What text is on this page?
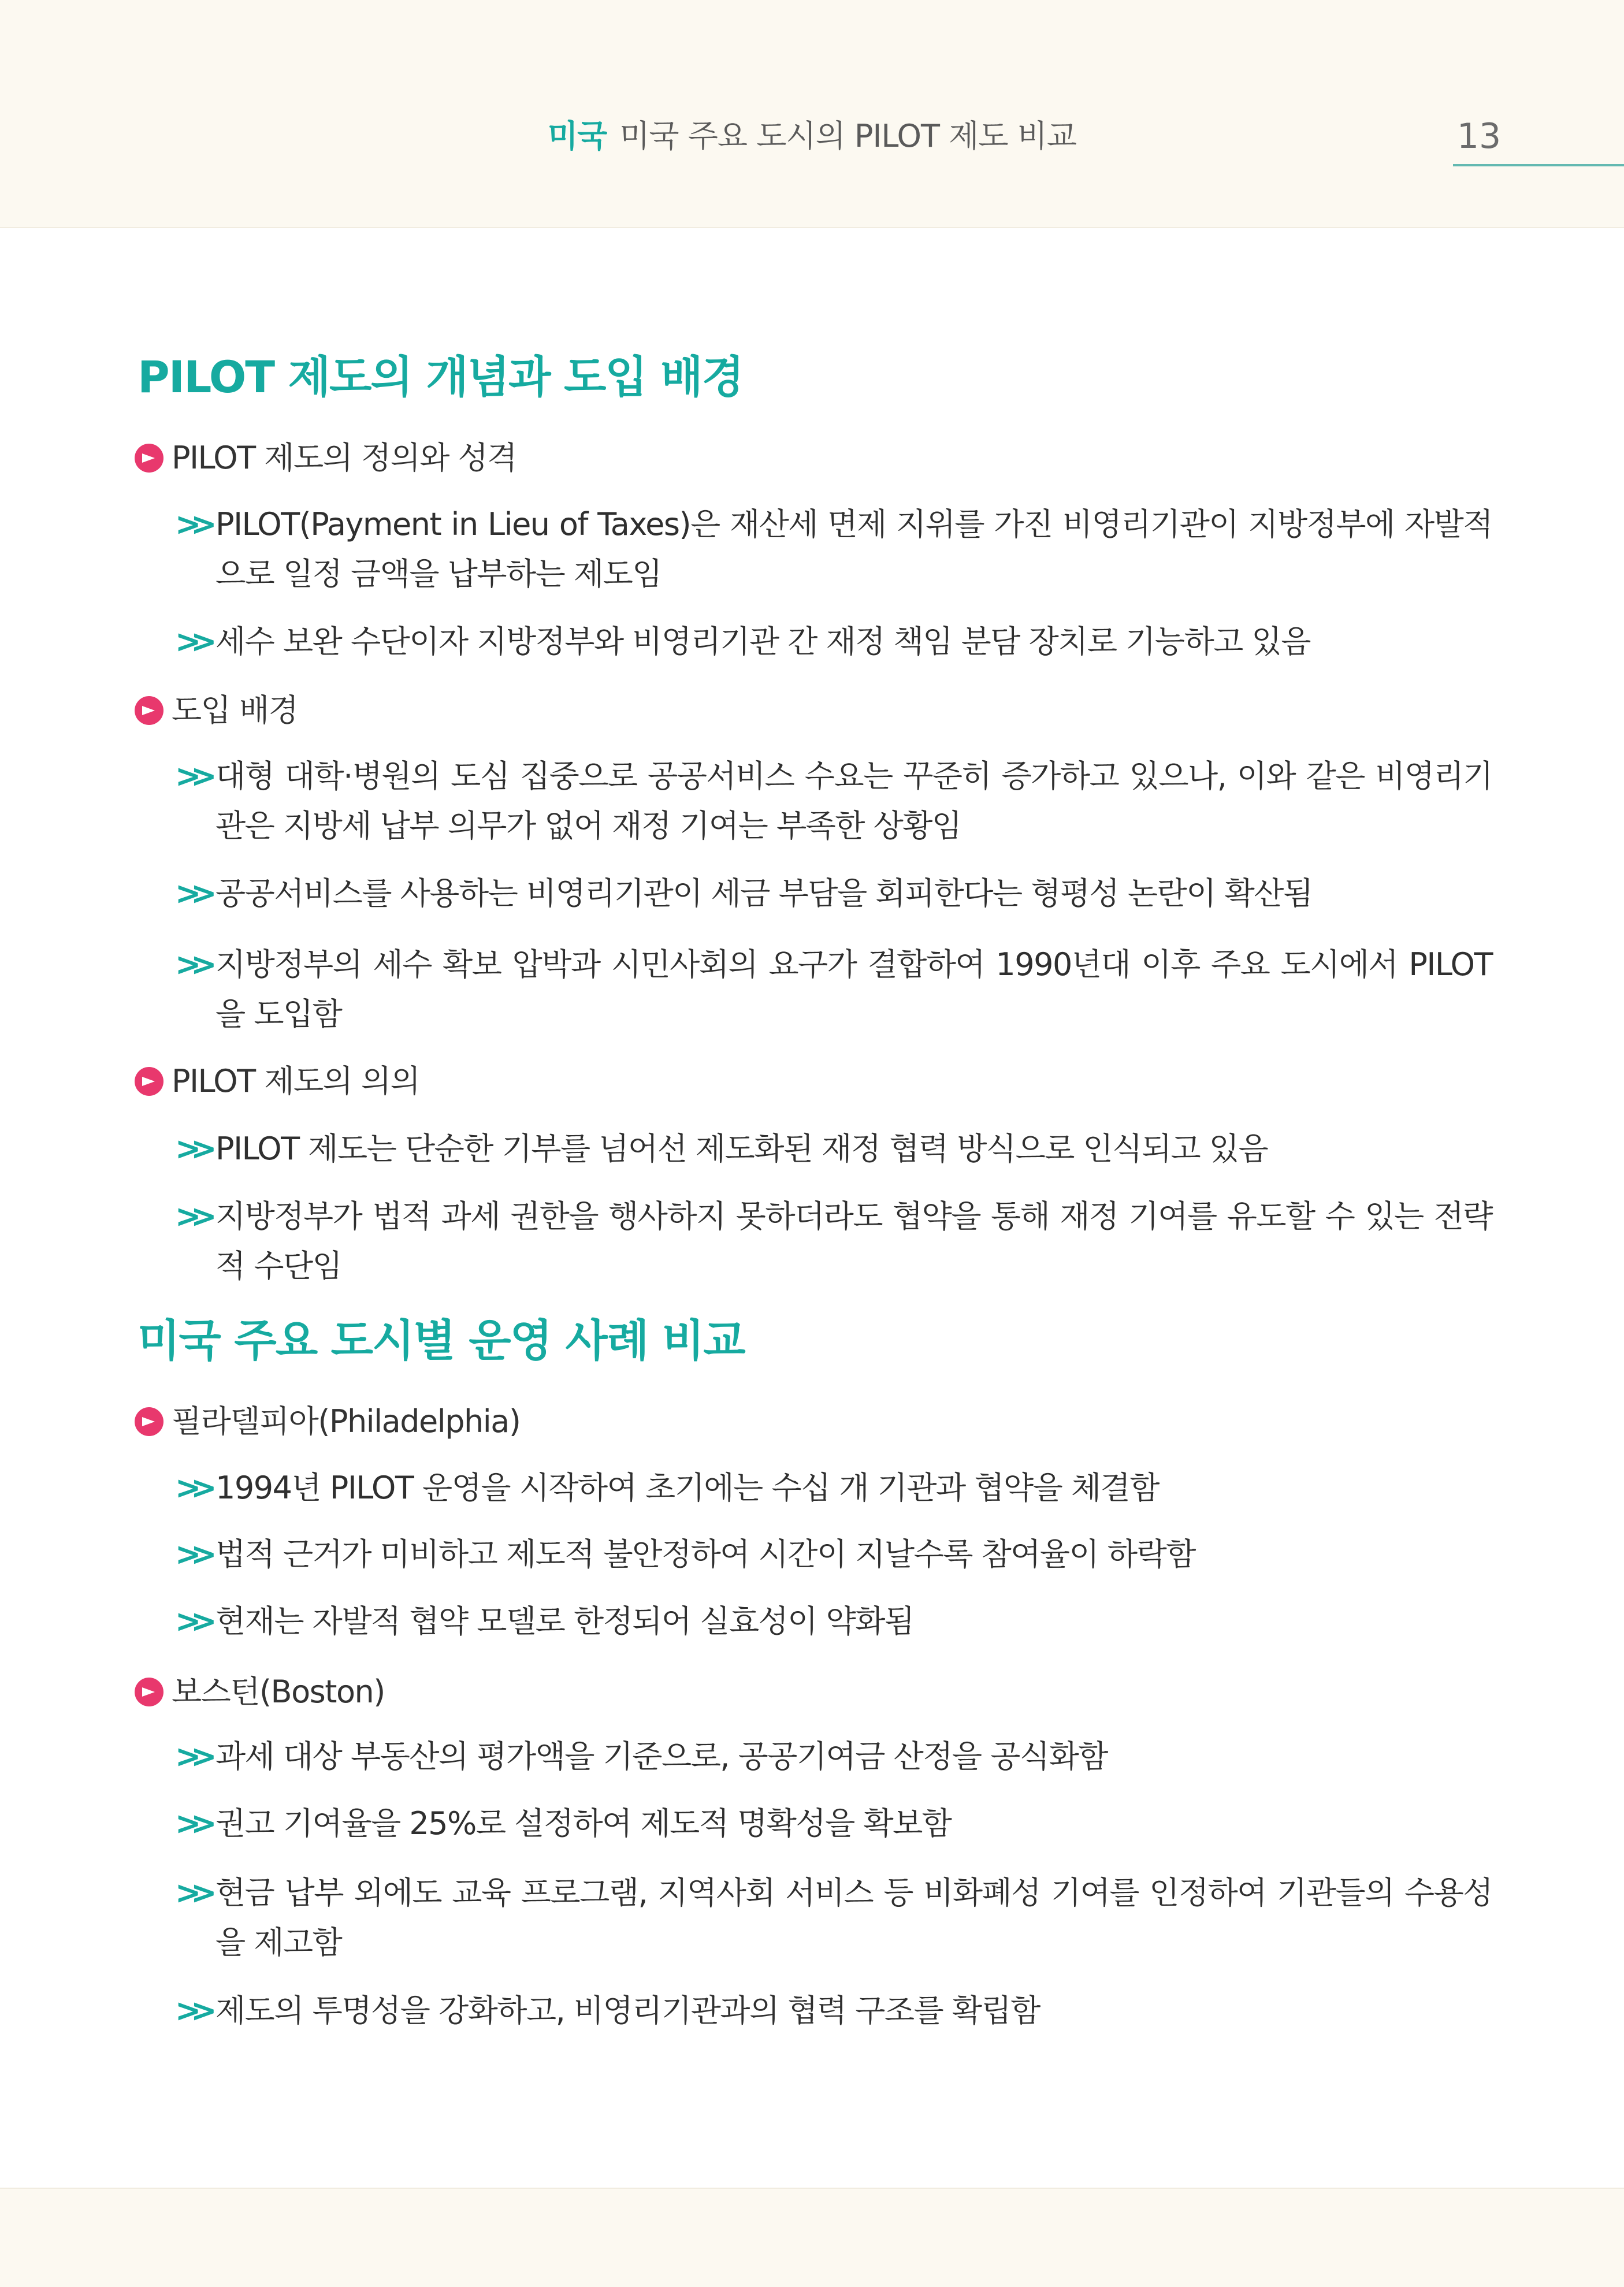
미국 미국 주요 도시의 PILOT 제도 비교	13
PILOT 제도의 개념과 도입 배경
PILOT 제도의 정의와 성격
>> PILOT(Payment in Lieu of Taxes)은 재산세 면제 지위를 가진 비영리기관이 지방정부에 자발적으로 일정 금액을 납부하는 제도임
>> 세수 보완 수단이자 지방정부와 비영리기관 간 재정 책임 분담 장치로 기능하고 있음
도입 배경
>> 대형 대학·병원의 도심 집중으로 공공서비스 수요는 꾸준히 증가하고 있으나, 이와 같은 비영리기관은 지방세 납부 의무가 없어 재정 기여는 부족한 상황임
>> 공공서비스를 사용하는 비영리기관이 세금 부담을 회피한다는 형평성 논란이 확산됨
>> 지방정부의 세수 확보 압박과 시민사회의 요구가 결합하여 1990년대 이후 주요 도시에서 PILOT을 도입함
PILOT 제도의 의의
>> PILOT 제도는 단순한 기부를 넘어선 제도화된 재정 협력 방식으로 인식되고 있음
>> 지방정부가 법적 과세 권한을 행사하지 못하더라도 협약을 통해 재정 기여를 유도할 수 있는 전략적 수단임
미국 주요 도시별 운영 사례 비교
필라델피아(Philadelphia)
>> 1994년 PILOT 운영을 시작하여 초기에는 수십 개 기관과 협약을 체결함
>> 법적 근거가 미비하고 제도적 불안정하여 시간이 지날수록 참여율이 하락함
>> 현재는 자발적 협약 모델로 한정되어 실효성이 약화됨
보스턴(Boston)
>> 과세 대상 부동산의 평가액을 기준으로, 공공기여금 산정을 공식화함
>> 권고 기여율을 25%로 설정하여 제도적 명확성을 확보함
>> 현금 납부 외에도 교육 프로그램, 지역사회 서비스 등 비화폐성 기여를 인정하여 기관들의 수용성을 제고함
>> 제도의 투명성을 강화하고, 비영리기관과의 협력 구조를 확립함
